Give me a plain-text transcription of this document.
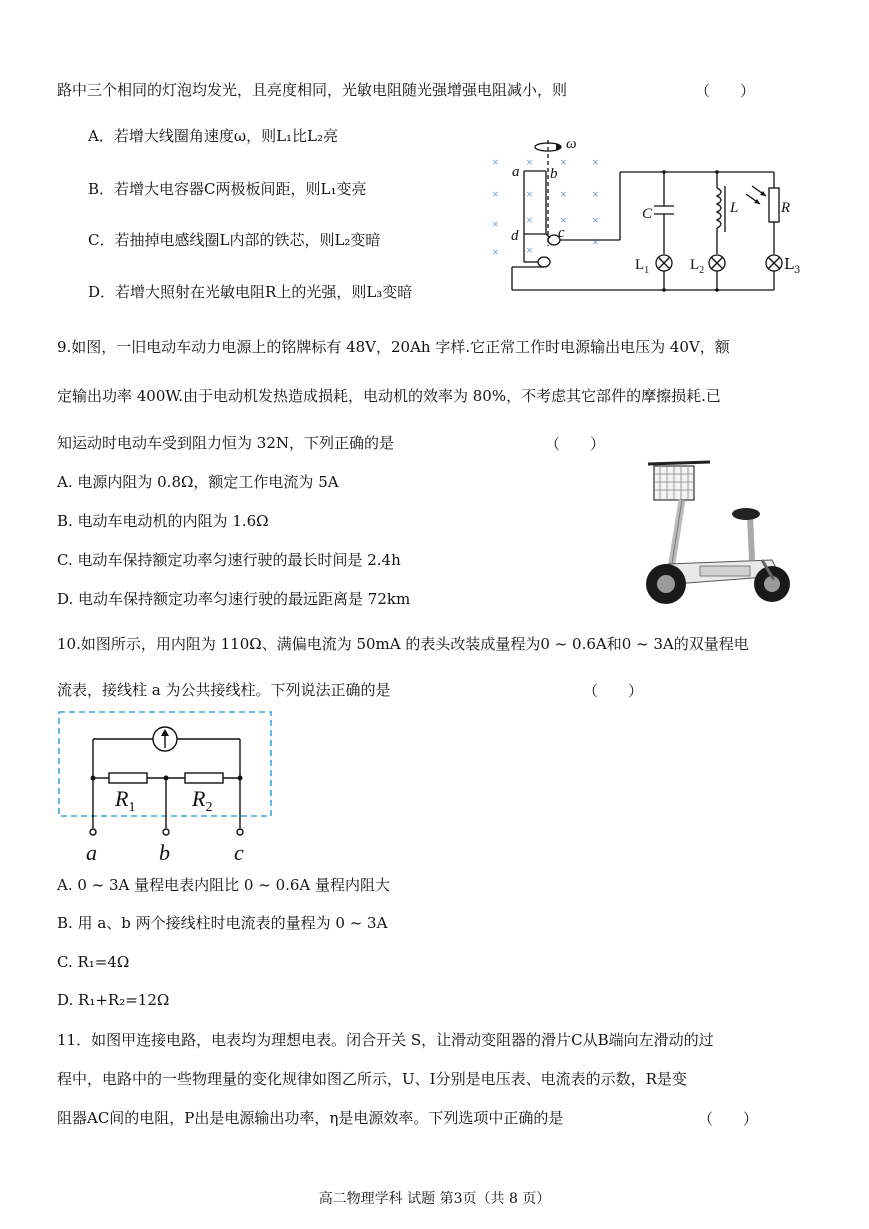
路中三个相同的灯泡均发光，且亮度相同，光敏电阻随光强增强电阻减小，则	（　　）
A．若增大线圈角速度ω，则L₁比L₂亮
B．若增大电容器C两极板间距，则L₁变亮
C．若抽掉电感线圈L内部的铁芯，则L₂变暗
D．若增大照射在光敏电阻R上的光强，则L₃变暗
× × × ×
× × × ×
× × × ×
× ×
×
ω
a b
c
d
C	L	R
$L_1$	$L_2$	$L_3$
9.如图，一旧电动车动力电源上的铭牌标有 48V，20Ah 字样.它正常工作时电源输出电压为 40V，额
定输出功率 400W.由于电动机发热造成损耗，电动机的效率为 80%，不考虑其它部件的摩擦损耗.已
知运动时电动车受到阻力恒为 32N，下列正确的是	（　　）
A. 电源内阻为 0.8Ω，额定工作电流为 5A
B. 电动车电动机的内阻为 1.6Ω
C. 电动车保持额定功率匀速行驶的最长时间是 2.4h
D. 电动车保持额定功率匀速行驶的最远距离是 72km
10.如图所示，用内阻为 110Ω、满偏电流为 50mA 的表头改装成量程为0 ~ 0.6A和0 ~ 3A的双量程电
流表，接线柱 a 为公共接线柱。下列说法正确的是	（　　）
$R_1$	$R_2$
a	b	c
A. 0 ~ 3A 量程电表内阻比 0 ~ 0.6A 量程内阻大
B. 用 a、b 两个接线柱时电流表的量程为 0 ~ 3A
C. R₁=4Ω
D. R₁+R₂=12Ω
11．如图甲连接电路，电表均为理想电表。闭合开关 S，让滑动变阻器的滑片C从B端向左滑动的过
程中，电路中的一些物理量的变化规律如图乙所示，U、I分别是电压表、电流表的示数，R是变
阻器AC间的电阻，P出是电源输出功率，η是电源效率。下列选项中正确的是	（　　）
高二物理学科 试题 第3页（共 8 页）
